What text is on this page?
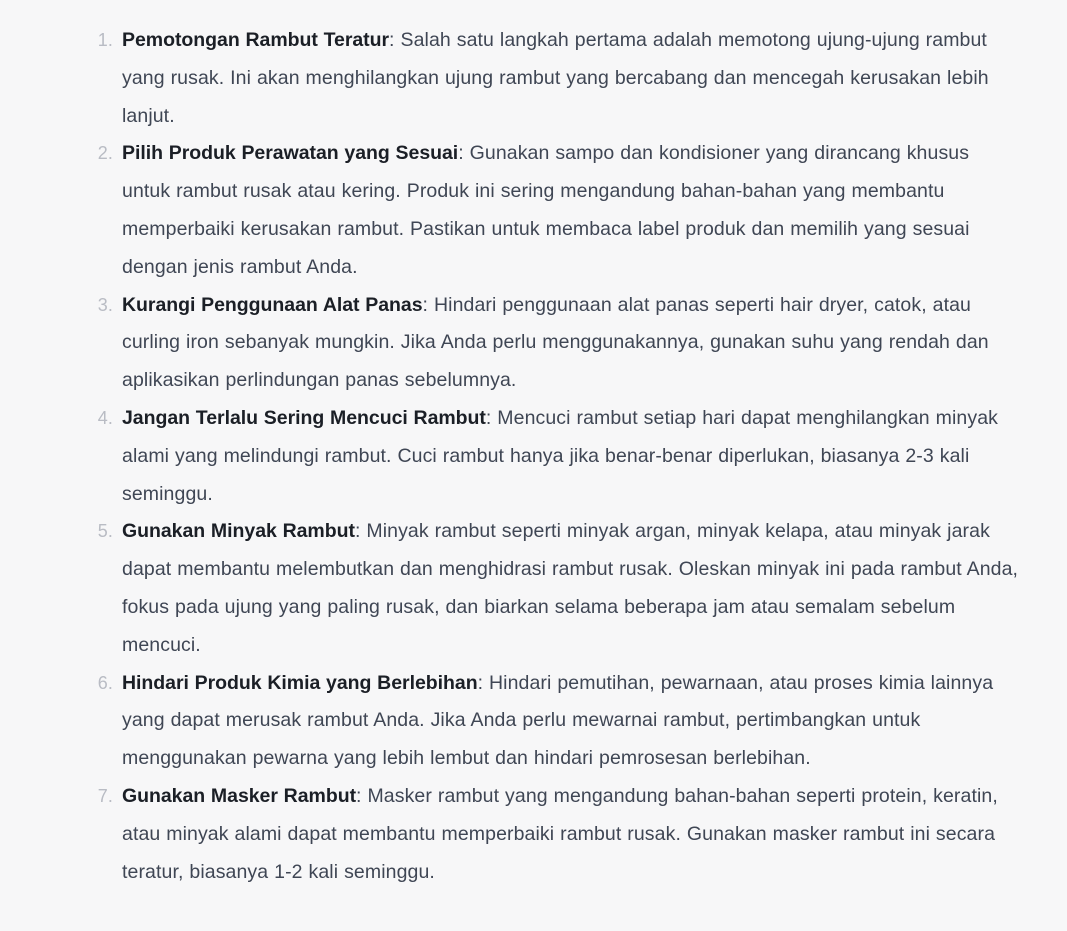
1. Pemotongan Rambut Teratur: Salah satu langkah pertama adalah memotong ujung-ujung rambut yang rusak. Ini akan menghilangkan ujung rambut yang bercabang dan mencegah kerusakan lebih lanjut.
2. Pilih Produk Perawatan yang Sesuai: Gunakan sampo dan kondisioner yang dirancang khusus untuk rambut rusak atau kering. Produk ini sering mengandung bahan-bahan yang membantu memperbaiki kerusakan rambut. Pastikan untuk membaca label produk dan memilih yang sesuai dengan jenis rambut Anda.
3. Kurangi Penggunaan Alat Panas: Hindari penggunaan alat panas seperti hair dryer, catok, atau curling iron sebanyak mungkin. Jika Anda perlu menggunakannya, gunakan suhu yang rendah dan aplikasikan perlindungan panas sebelumnya.
4. Jangan Terlalu Sering Mencuci Rambut: Mencuci rambut setiap hari dapat menghilangkan minyak alami yang melindungi rambut. Cuci rambut hanya jika benar-benar diperlukan, biasanya 2-3 kali seminggu.
5. Gunakan Minyak Rambut: Minyak rambut seperti minyak argan, minyak kelapa, atau minyak jarak dapat membantu melembutkan dan menghidrasi rambut rusak. Oleskan minyak ini pada rambut Anda, fokus pada ujung yang paling rusak, dan biarkan selama beberapa jam atau semalam sebelum mencuci.
6. Hindari Produk Kimia yang Berlebihan: Hindari pemutihan, pewarnaan, atau proses kimia lainnya yang dapat merusak rambut Anda. Jika Anda perlu mewarnai rambut, pertimbangkan untuk menggunakan pewarna yang lebih lembut dan hindari pemrosesan berlebihan.
7. Gunakan Masker Rambut: Masker rambut yang mengandung bahan-bahan seperti protein, keratin, atau minyak alami dapat membantu memperbaiki rambut rusak. Gunakan masker rambut ini secara teratur, biasanya 1-2 kali seminggu.
